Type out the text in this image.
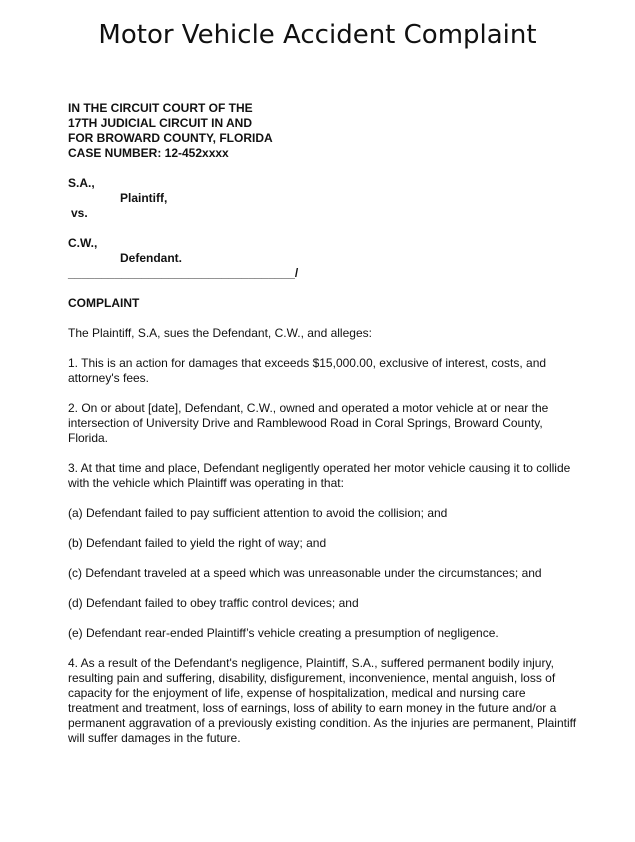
Motor Vehicle Accident Complaint
IN THE CIRCUIT COURT OF THE
17TH JUDICIAL CIRCUIT IN AND
FOR BROWARD COUNTY, FLORIDA
CASE NUMBER: 12-452xxxx
S.A.,
Plaintiff,
vs.
C.W.,
Defendant.
__________________________________/

COMPLAINT

The Plaintiff, S.A, sues the Defendant, C.W., and alleges:

1. This is an action for damages that exceeds $15,000.00, exclusive of interest, costs, and attorney's fees.

2. On or about [date], Defendant, C.W., owned and operated a motor vehicle at or near the intersection of University Drive and Ramblewood Road in Coral Springs, Broward County, Florida.

3. At that time and place, Defendant negligently operated her motor vehicle causing it to collide with the vehicle which Plaintiff was operating in that:

(a) Defendant failed to pay sufficient attention to avoid the collision; and

(b) Defendant failed to yield the right of way; and

(c) Defendant traveled at a speed which was unreasonable under the circumstances; and

(d) Defendant failed to obey traffic control devices; and

(e) Defendant rear-ended Plaintiff’s vehicle creating a presumption of negligence.

4. As a result of the Defendant's negligence, Plaintiff, S.A., suffered permanent bodily injury, resulting pain and suffering, disability, disfigurement, inconvenience, mental anguish, loss of capacity for the enjoyment of life, expense of hospitalization, medical and nursing care treatment and treatment, loss of earnings, loss of ability to earn money in the future and/or a permanent aggravation of a previously existing condition. As the injuries are permanent, Plaintiff will suffer damages in the future.
